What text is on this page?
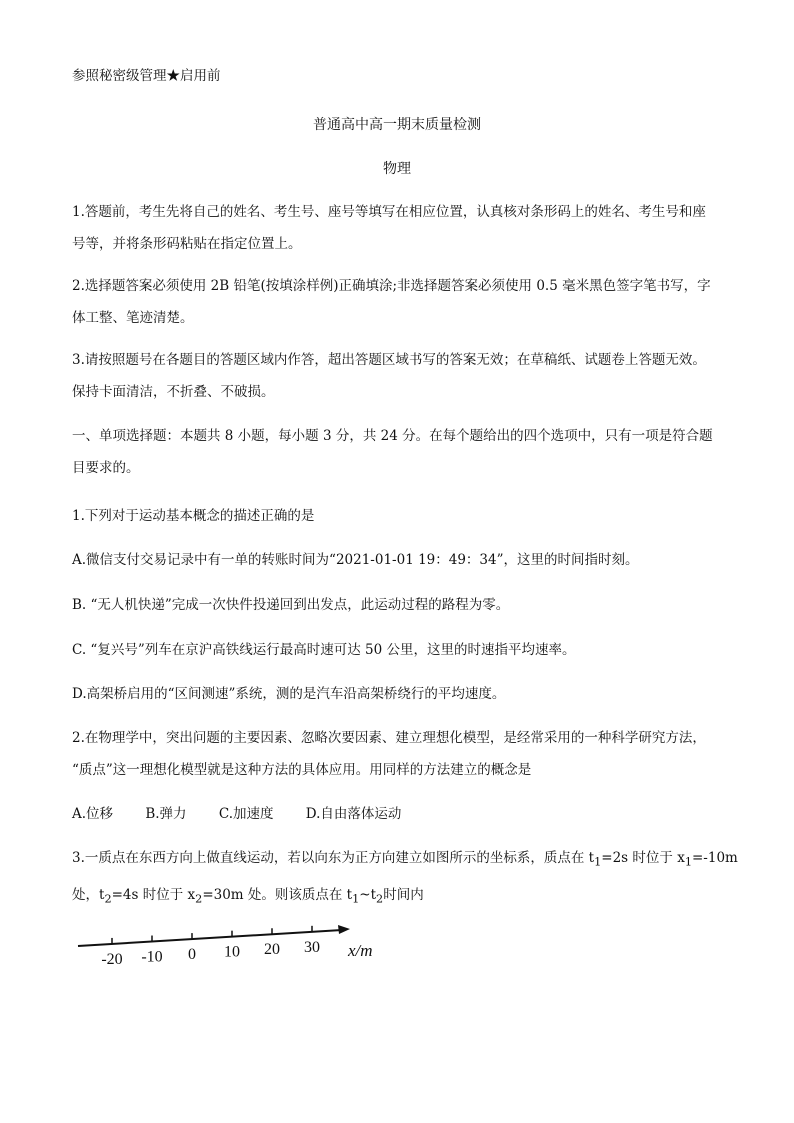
参照秘密级管理★启用前
普通高中高一期末质量检测
物理
1.答题前，考生先将自己的姓名、考生号、座号等填写在相应位置，认真核对条形码上的姓名、考生号和座
号等，并将条形码粘贴在指定位置上。
2.选择题答案必须使用 2B 铅笔(按填涂样例)正确填涂;非选择题答案必须使用 0.5 毫米黑色签字笔书写，字
体工整、笔迹清楚。
3.请按照题号在各题目的答题区域内作答，超出答题区域书写的答案无效；在草稿纸、试题卷上答题无效。
保持卡面清洁，不折叠、不破损。
一、单项选择题：本题共 8 小题，每小题 3 分，共 24 分。在每个题给出的四个选项中，只有一项是符合题
目要求的。
1.下列对于运动基本概念的描述正确的是
A.微信支付交易记录中有一单的转账时间为“2021-01-01 19：49：34”，这里的时间指时刻。
B. “无人机快递”完成一次快件投递回到出发点，此运动过程的路程为零。
C. “复兴号”列车在京沪高铁线运行最高时速可达 50 公里，这里的时速指平均速率。
D.高架桥启用的“区间测速”系统，测的是汽车沿高架桥绕行的平均速度。
2.在物理学中，突出问题的主要因素、忽略次要因素、建立理想化模型，是经常采用的一种科学研究方法，
“质点”这一理想化模型就是这种方法的具体应用。用同样的方法建立的概念是
A.位移 B.弹力 C.加速度 D.自由落体运动
3.一质点在东西方向上做直线运动，若以向东为正方向建立如图所示的坐标系，质点在 $t_1=2s$ 时位于 $x_1=-10m$
处，$t_2=4s$ 时位于 $x_2=30m$ 处。则该质点在 $t_1\sim t_2$时间内
-20 -10 0 10 20 30 x/m
